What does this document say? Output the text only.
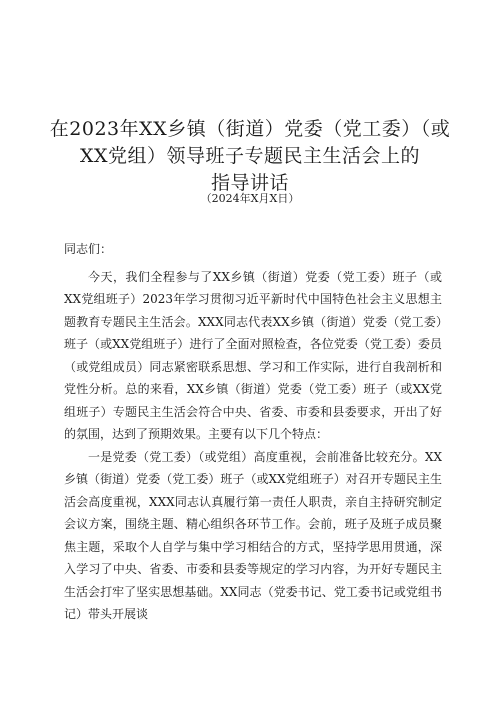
在2023年XX乡镇（街道）党委（党工委）（或
XX党组）领导班子专题民主生活会上的
指导讲话
（2024年X月X日）

同志们：

今天，我们全程参与了XX乡镇（街道）党委（党工委）班子（或XX党组班子）2023年学习贯彻习近平新时代中国特色社会主义思想主题教育专题民主生活会。XXX同志代表XX乡镇（街道）党委（党工委）班子（或XX党组班子）进行了全面对照检查，各位党委（党工委）委员（或党组成员）同志紧密联系思想、学习和工作实际，进行自我剖析和党性分析。总的来看，XX乡镇（街道）党委（党工委）班子（或XX党组班子）专题民主生活会符合中央、省委、市委和县委要求，开出了好的氛围，达到了预期效果。主要有以下几个特点：

一是党委（党工委）（或党组）高度重视，会前准备比较充分。XX乡镇（街道）党委（党工委）班子（或XX党组班子）对召开专题民主生活会高度重视，XXX同志认真履行第一责任人职责，亲自主持研究制定会议方案，围绕主题、精心组织各环节工作。会前，班子及班子成员聚焦主题，采取个人自学与集中学习相结合的方式，坚持学思用贯通，深入学习了中央、省委、市委和县委等规定的学习内容，为开好专题民主生活会打牢了坚实思想基础。XX同志（党委书记、党工委书记或党组书记）带头开展谈
